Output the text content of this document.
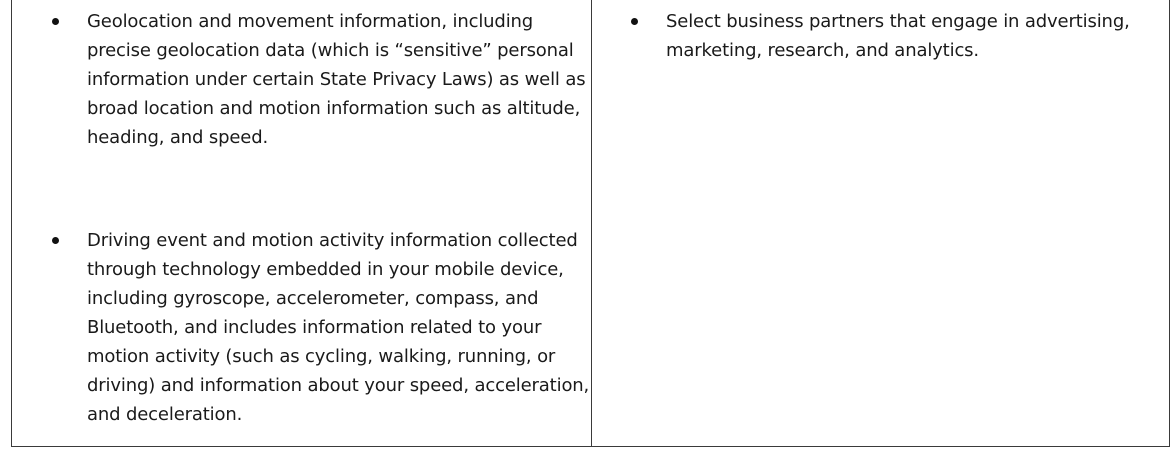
Geolocation and movement information, including precise geolocation data (which is “sensitive” personal information under certain State Privacy Laws) as well as broad location and motion information such as altitude, heading, and speed.
Driving event and motion activity information collected through technology embedded in your mobile device, including gyroscope, accelerometer, compass, and Bluetooth, and includes information related to your motion activity (such as cycling, walking, running, or driving) and information about your speed, acceleration, and deceleration.
Select business partners that engage in advertising, marketing, research, and analytics.
